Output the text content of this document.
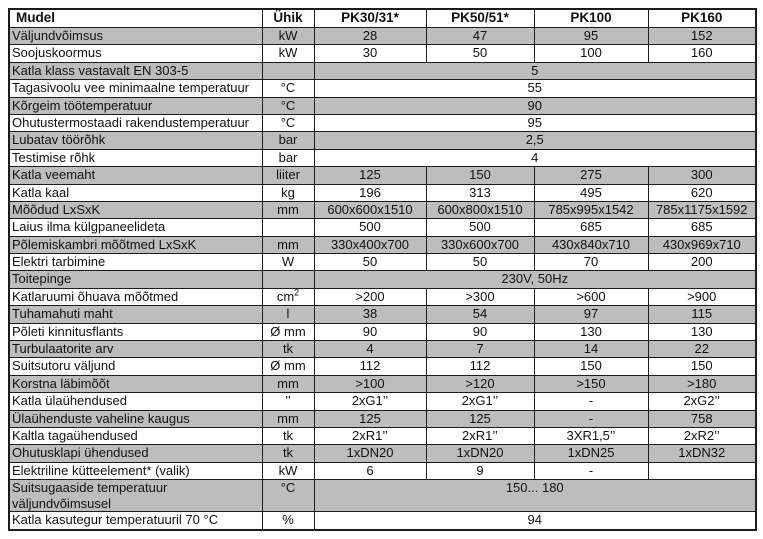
Mudel	Ühik	PK30/31*	PK50/51*	PK100	PK160
Väljundvõimsus	kW	28	47	95	152
Soojuskoormus	kW	30	50	100	160
Katla klass vastavalt EN 303-5		5			
Tagasivoolu vee minimaalne temperatuur	°C	55			
Kõrgeim töötemperatuur	°C	90			
Ohutustermostaadi rakendustemperatuur	°C	95			
Lubatav töörõhk	bar	2,5			
Testimise rõhk	bar	4			
Katla veemaht	liiter	125	150	275	300
Katla kaal	kg	196	313	495	620
Mõõdud LxSxK	mm	600x600x1510	600x800x1510	785x995x1542	785x1175x1592
Laius ilma külgpaneelideta		500	500	685	685
Põlemiskambri mõõtmed LxSxK	mm	330x400x700	330x600x700	430x840x710	430x969x710
Elektri tarbimine	W	50	50	70	200
Toitepinge		230V, 50Hz			
Katlaruumi õhuava mõõtmed	$cm^2$	>200	>300	>600	>900
Tuhamahuti maht	l	38	54	97	115
Põleti kinnitusflants	Ø mm	90	90	130	130
Turbulaatorite arv	tk	4	7	14	22
Suitsutoru väljund	Ø mm	112	112	150	150
Korstna läbimõõt	mm	>100	>120	>150	>180
Katla ülaühendused	’’	2xG1’’	2xG1’’	-	2xG2’’
Ülaühenduste vaheline kaugus	mm	125	125	-	758
Kaltla tagaühendused	tk	2xR1’’	2xR1’’	3XR1,5’’	2xR2’’
Ohutusklapi ühendused	tk	1xDN20	1xDN20	1xDN25	1xDN32
Elektriline kütteelement* (valik)	kW	6	9	-	
Suitsugaaside temperatuur väljundvõimsusel	°C	150... 180			
Katla kasutegur temperatuuril 70 °C	%	94			
